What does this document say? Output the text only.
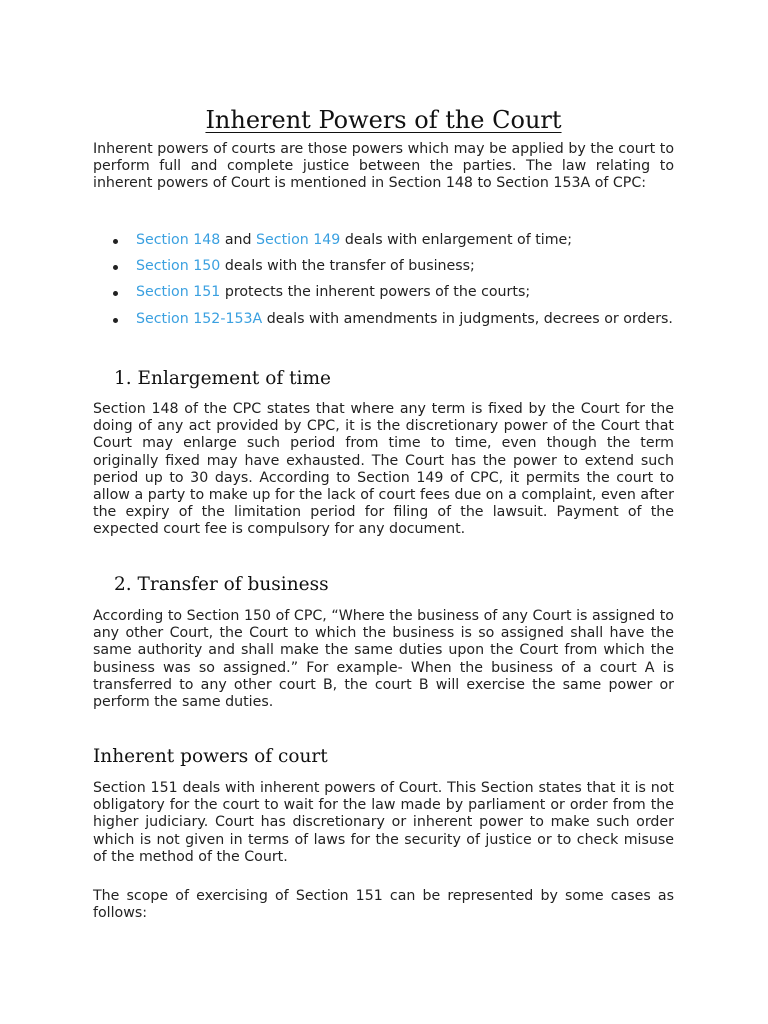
Inherent Powers of the Court

Inherent powers of courts are those powers which may be applied by the court to perform full and complete justice between the parties. The law relating to inherent powers of Court is mentioned in Section 148 to Section 153A of CPC:

Section 148 and Section 149 deals with enlargement of time;
Section 150 deals with the transfer of business;
Section 151 protects the inherent powers of the courts;
Section 152-153A deals with amendments in judgments, decrees or orders.
1. Enlargement of time

Section 148 of the CPC states that where any term is fixed by the Court for the doing of any act provided by CPC, it is the discretionary power of the Court that Court may enlarge such period from time to time, even though the term originally fixed may have exhausted. The Court has the power to extend such period up to 30 days. According to Section 149 of CPC, it permits the court to allow a party to make up for the lack of court fees due on a complaint, even after the expiry of the limitation period for filing of the lawsuit. Payment of the expected court fee is compulsory for any document.

2. Transfer of business

According to Section 150 of CPC, “Where the business of any Court is assigned to any other Court, the Court to which the business is so assigned shall have the same authority and shall make the same duties upon the Court from which the business was so assigned.” For example- When the business of a court A is transferred to any other court B, the court B will exercise the same power or perform the same duties.

Inherent powers of court

Section 151 deals with inherent powers of Court. This Section states that it is not obligatory for the court to wait for the law made by parliament or order from the higher judiciary. Court has discretionary or inherent power to make such order which is not given in terms of laws for the security of justice or to check misuse of the method of the Court.

The scope of exercising of Section 151 can be represented by some cases as follows:
